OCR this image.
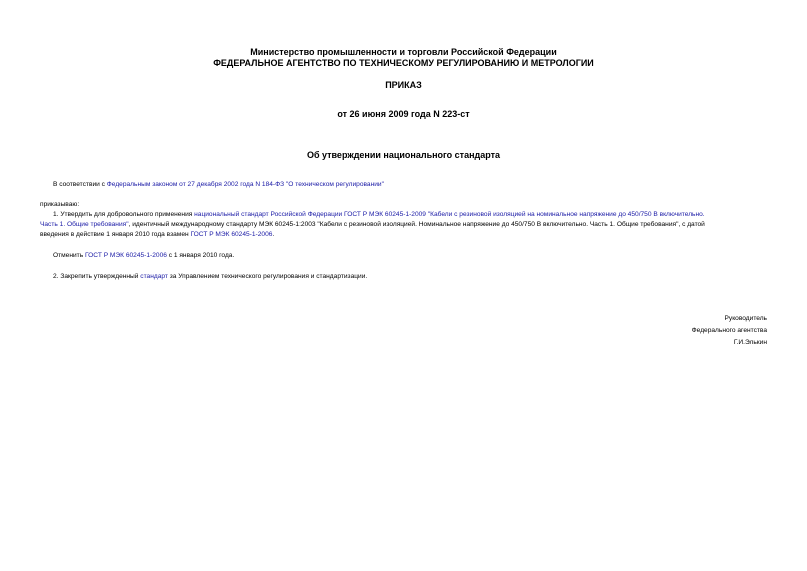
Министерство промышленности и торговли Российской Федерации
ФЕДЕРАЛЬНОЕ АГЕНТСТВО ПО ТЕХНИЧЕСКОМУ РЕГУЛИРОВАНИЮ И МЕТРОЛОГИИ
ПРИКАЗ
от 26 июня 2009 года N 223-ст
Об утверждении национального стандарта
В соответствии с Федеральным законом от 27 декабря 2002 года N 184-ФЗ "О техническом регулировании"
приказываю:
1. Утвердить для добровольного применения национальный стандарт Российской Федерации ГОСТ Р МЭК 60245-1-2009 "Кабели с резиновой изоляцией на номинальное напряжение до 450/750 В включительно.
Часть 1. Общие требования", идентичный международному стандарту МЭК 60245-1:2003 "Кабели с резиновой изоляцией. Номинальное напряжение до 450/750 В включительно. Часть 1. Общие требования", с датой
введения в действие 1 января 2010 года взамен ГОСТ Р МЭК 60245-1-2006.
Отменить ГОСТ Р МЭК 60245-1-2006 с 1 января 2010 года.
2. Закрепить утвержденный стандарт за Управлением технического регулирования и стандартизации.
Руководитель
Федерального агентства
Г.И.Элькин
